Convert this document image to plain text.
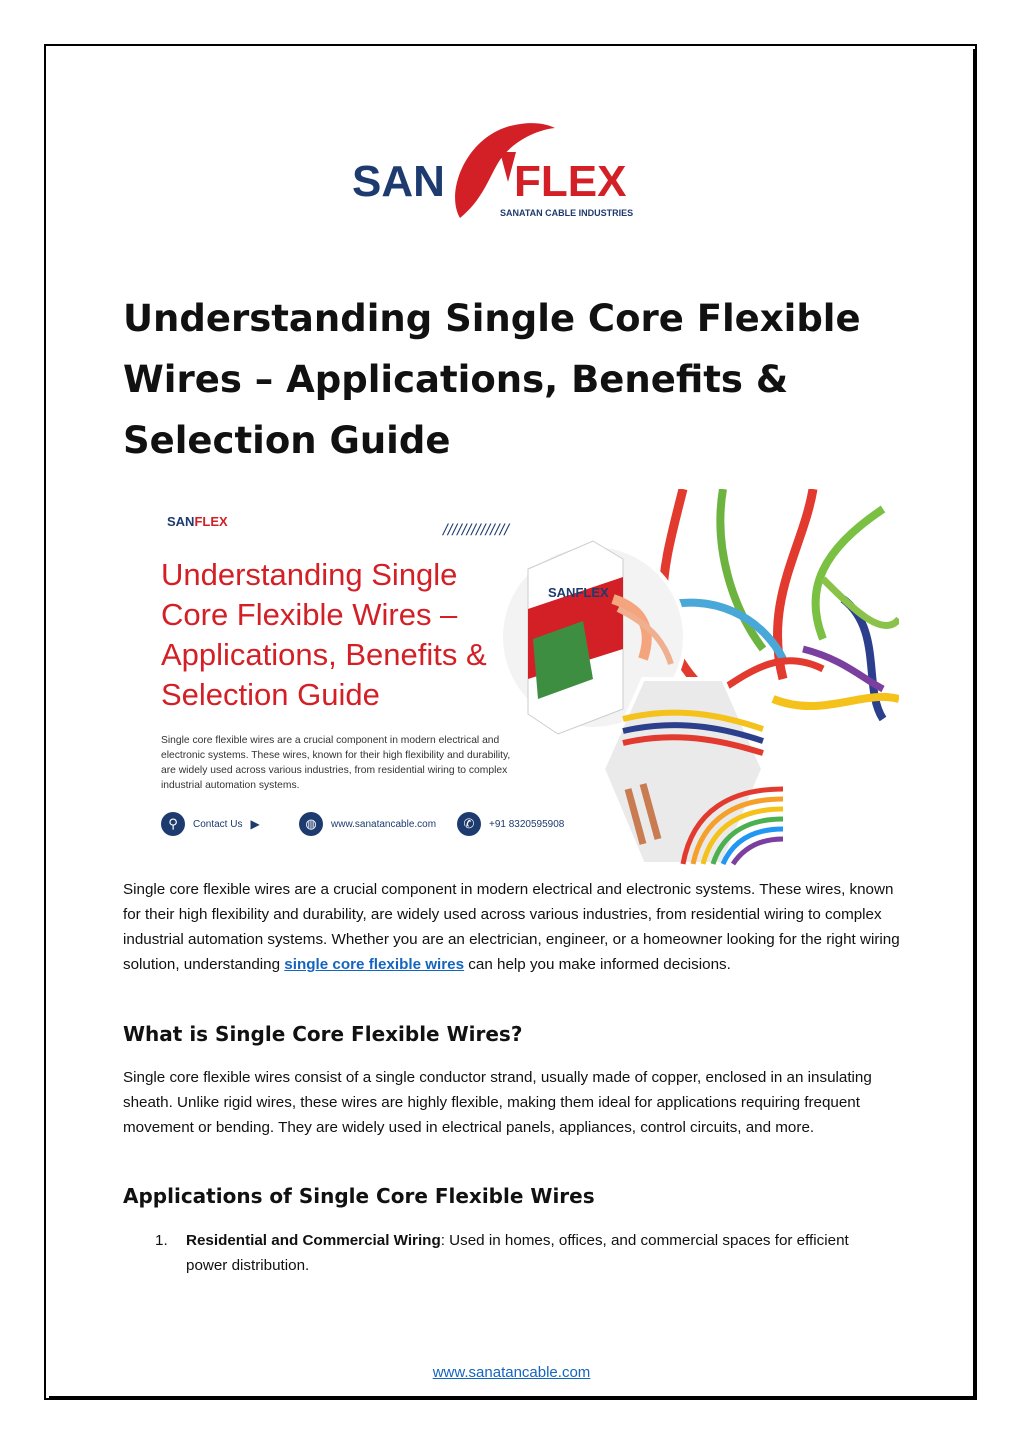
SAN FLEX
SANATAN CABLE INDUSTRIES
Understanding Single Core Flexible Wires – Applications, Benefits & Selection Guide
//////////////
SANFLEX
SANFLEX
Understanding Single Core Flexible Wires – Applications, Benefits & Selection Guide

Single core flexible wires are a crucial component in modern electrical and electronic systems. These wires, known for their high flexibility and durability, are widely used across various industries, from residential wiring to complex industrial automation systems.

⚲	Contact Us ▶	◍	www.sanatancable.com	✆	+91 8320595908

Single core flexible wires are a crucial component in modern electrical and electronic systems. These wires, known for their high flexibility and durability, are widely used across various industries, from residential wiring to complex industrial automation systems. Whether you are an electrician, engineer, or a homeowner looking for the right wiring solution, understanding single core flexible wires can help you make informed decisions.

What is Single Core Flexible Wires?

Single core flexible wires consist of a single conductor strand, usually made of copper, enclosed in an insulating sheath. Unlike rigid wires, these wires are highly flexible, making them ideal for applications requiring frequent movement or bending. They are widely used in electrical panels, appliances, control circuits, and more.

Applications of Single Core Flexible Wires
1. Residential and Commercial Wiring: Used in homes, offices, and commercial spaces for efficient power distribution.

www.sanatancable.com
